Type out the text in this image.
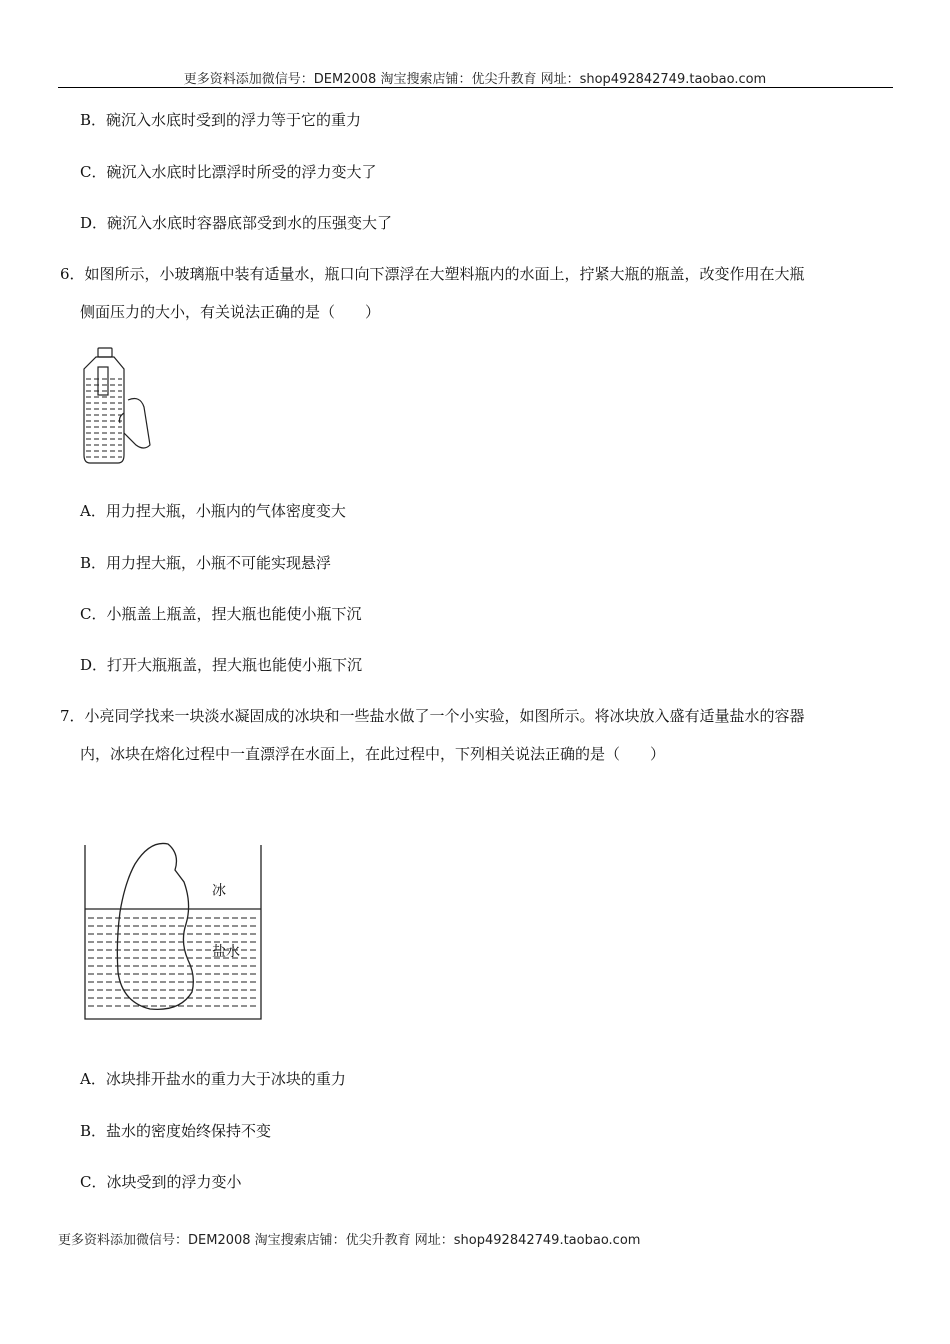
更多资料添加微信号：DEM2008 淘宝搜索店铺：优尖升教育 网址：shop492842749.taobao.com
B．碗沉入水底时受到的浮力等于它的重力
C．碗沉入水底时比漂浮时所受的浮力变大了
D．碗沉入水底时容器底部受到水的压强变大了
6．如图所示，小玻璃瓶中装有适量水，瓶口向下漂浮在大塑料瓶内的水面上，拧紧大瓶的瓶盖，改变作用在大瓶
侧面压力的大小，有关说法正确的是（　　）
A．用力捏大瓶，小瓶内的气体密度变大
B．用力捏大瓶，小瓶不可能实现悬浮
C．小瓶盖上瓶盖，捏大瓶也能使小瓶下沉
D．打开大瓶瓶盖，捏大瓶也能使小瓶下沉
7．小亮同学找来一块淡水凝固成的冰块和一些盐水做了一个小实验，如图所示。将冰块放入盛有适量盐水的容器
内，冰块在熔化过程中一直漂浮在水面上，在此过程中，下列相关说法正确的是（　　）
冰
盐水
A．冰块排开盐水的重力大于冰块的重力
B．盐水的密度始终保持不变
C．冰块受到的浮力变小
更多资料添加微信号：DEM2008 淘宝搜索店铺：优尖升教育 网址：shop492842749.taobao.com
